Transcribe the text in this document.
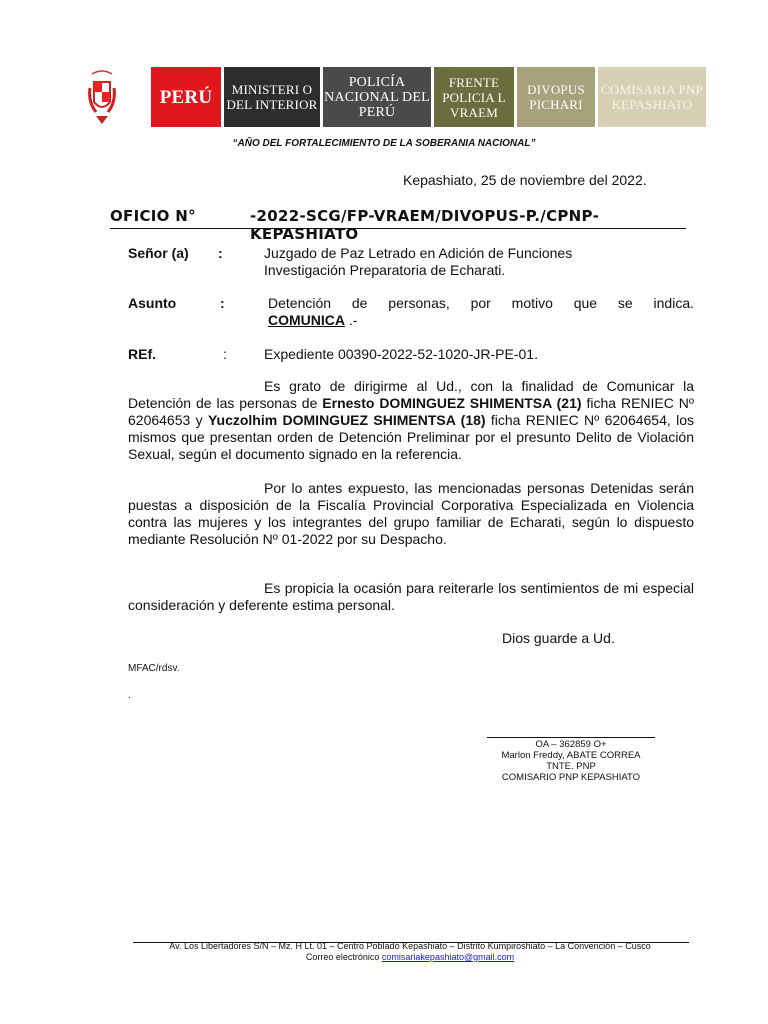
PERÚ	MINISTERI O DEL INTERIOR
POLICÍA NACIONAL DEL PERÚ
FRENTE POLICIA L VRAEM
DIVOPUS PICHARI
COMISARIA PNP KEPASHIATO
“AÑO DEL FORTALECIMIENTO DE LA SOBERANIA NACIONAL”
Kepashiato, 25 de noviembre del 2022.
OFICIO N°	-2022-SCG/FP-VRAEM/DIVOPUS-P./CPNP-KEPASHIATO
Señor (a) :	Juzgado de Paz Letrado en Adición de Funciones
Investigación Preparatoria de Echarati.
Asunto	:	Detención de personas, por motivo que se indica.
COMUNICA .-
REf.	:	Expediente 00390-2022-52-1020-JR-PE-01.
Es grato de dirigirme al Ud., con la finalidad de Comunicar la Detención de las personas de Ernesto DOMINGUEZ SHIMENTSA (21) ficha RENIEC Nº 62064653 y Yuczolhim DOMINGUEZ SHIMENTSA (18) ficha RENIEC Nº 62064654, los mismos que presentan orden de Detención Preliminar por el presunto Delito de Violación Sexual, según el documento signado en la referencia.
Por lo antes expuesto, las mencionadas personas Detenidas serán puestas a disposición de la Fiscalía Provincial Corporativa Especializada en Violencia contra las mujeres y los integrantes del grupo familiar de Echarati, según lo dispuesto mediante Resolución Nº 01-2022 por su Despacho.
Es propicia la ocasión para reiterarle los sentimientos de mi especial consideración y deferente estima personal.
Dios guarde a Ud.
MFAC/rdsv.
.
OA – 362859 O+
Marlon Freddy, ABATE CORREA
TNTE. PNP
COMISARIO PNP KEPASHIATO
Av. Los Libertadores S/N – Mz. H Lt. 01 – Centro Poblado Kepashiato – Distrito Kumpiroshiato – La Convención – Cusco
Correo electrónico comisariakepashiato@gmail.com
